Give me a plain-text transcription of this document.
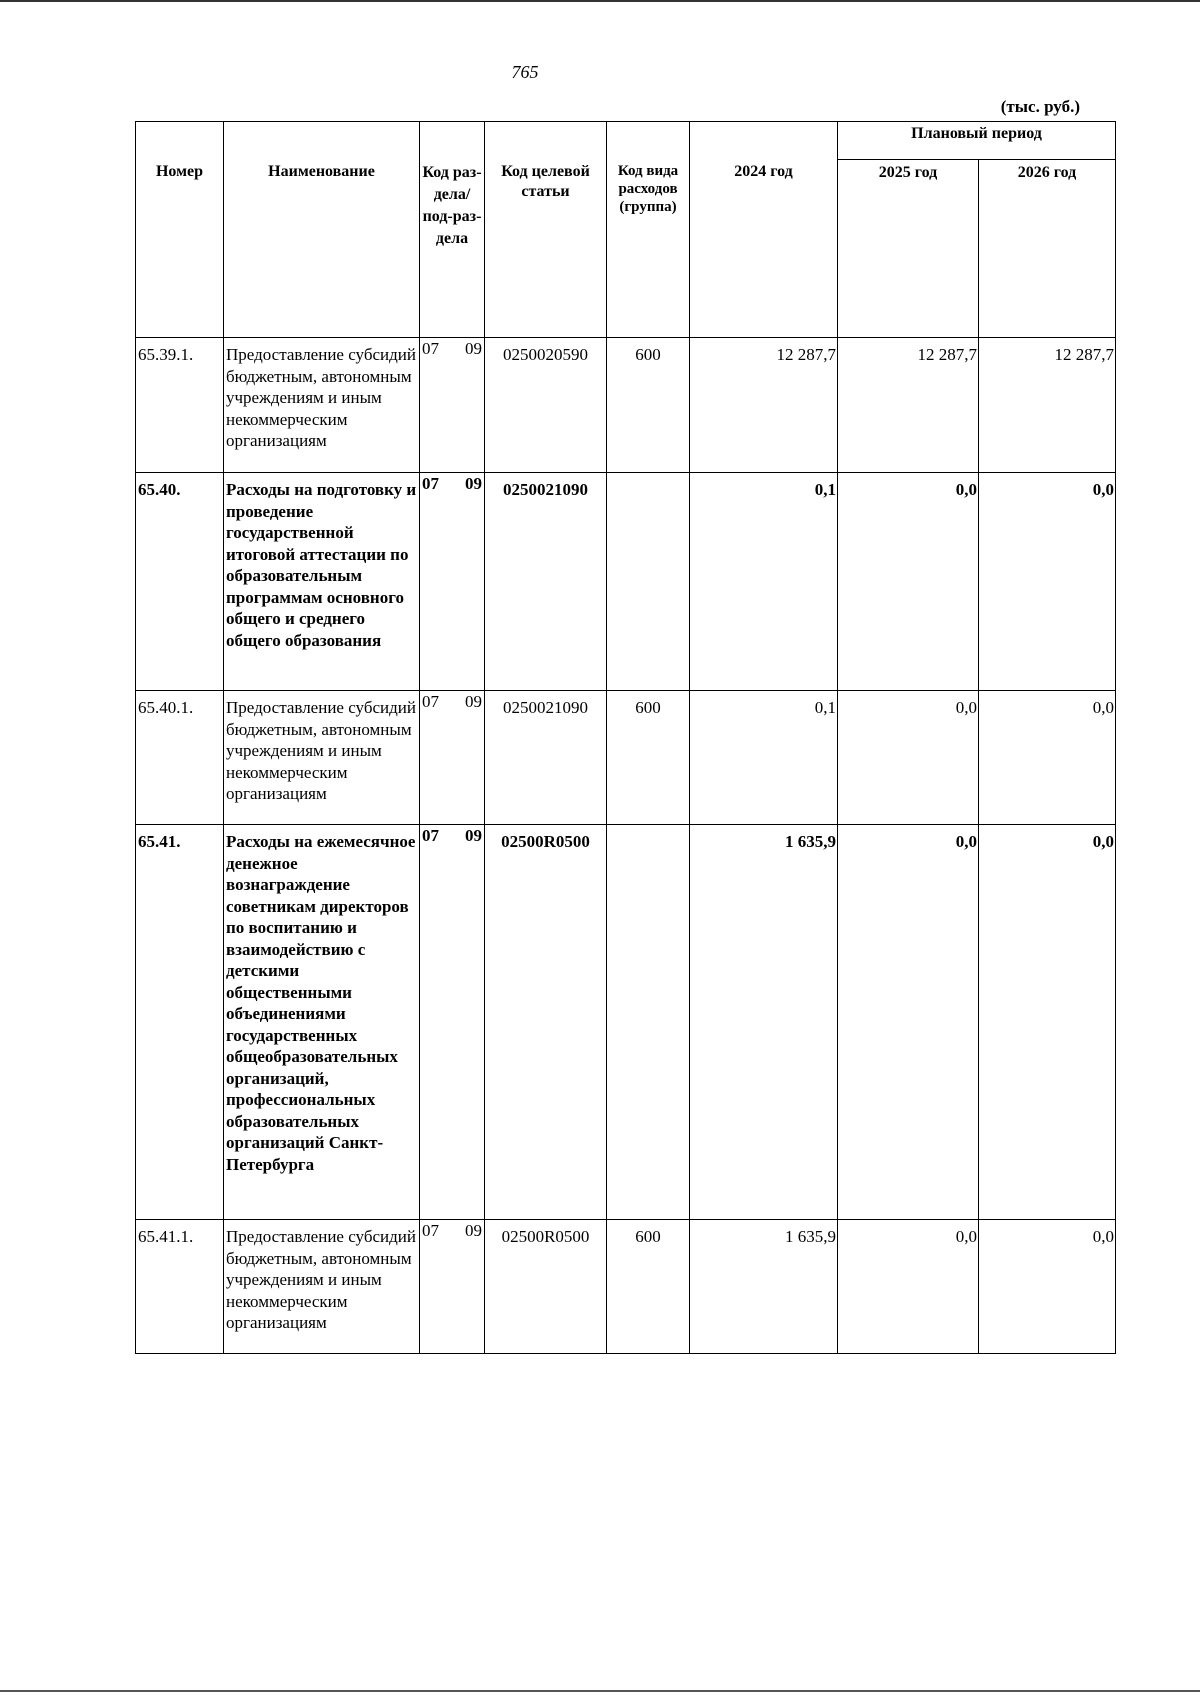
765
(тыс. руб.)
Номер	Наименование	Код раз-дела/ под-раз-дела	Код целевой статьи	Код вида расходов (группа)	2024 год	Плановый период	
						2025 год	2026 год
65.39.1.	Предоставление субсидий бюджетным, автономным учреждениям и иным некоммерческим организациям	07 09	0250020590	600	12 287,7	12 287,7	12 287,7
65.40.	Расходы на подготовку и проведение государственной итоговой аттестации по образовательным программам основного общего и среднего общего образования	07 09	0250021090		0,1	0,0	0,0
65.40.1.	Предоставление субсидий бюджетным, автономным учреждениям и иным некоммерческим организациям	07 09	0250021090	600	0,1	0,0	0,0
65.41.	Расходы на ежемесячное денежное вознаграждение советникам директоров по воспитанию и взаимодействию с детскими общественными объединениями государственных общеобразовательных организаций, профессиональных образовательных организаций Санкт-Петербурга	07 09	02500R0500		1 635,9	0,0	0,0
65.41.1.	Предоставление субсидий бюджетным, автономным учреждениям и иным некоммерческим организациям	07 09	02500R0500	600	1 635,9	0,0	0,0
